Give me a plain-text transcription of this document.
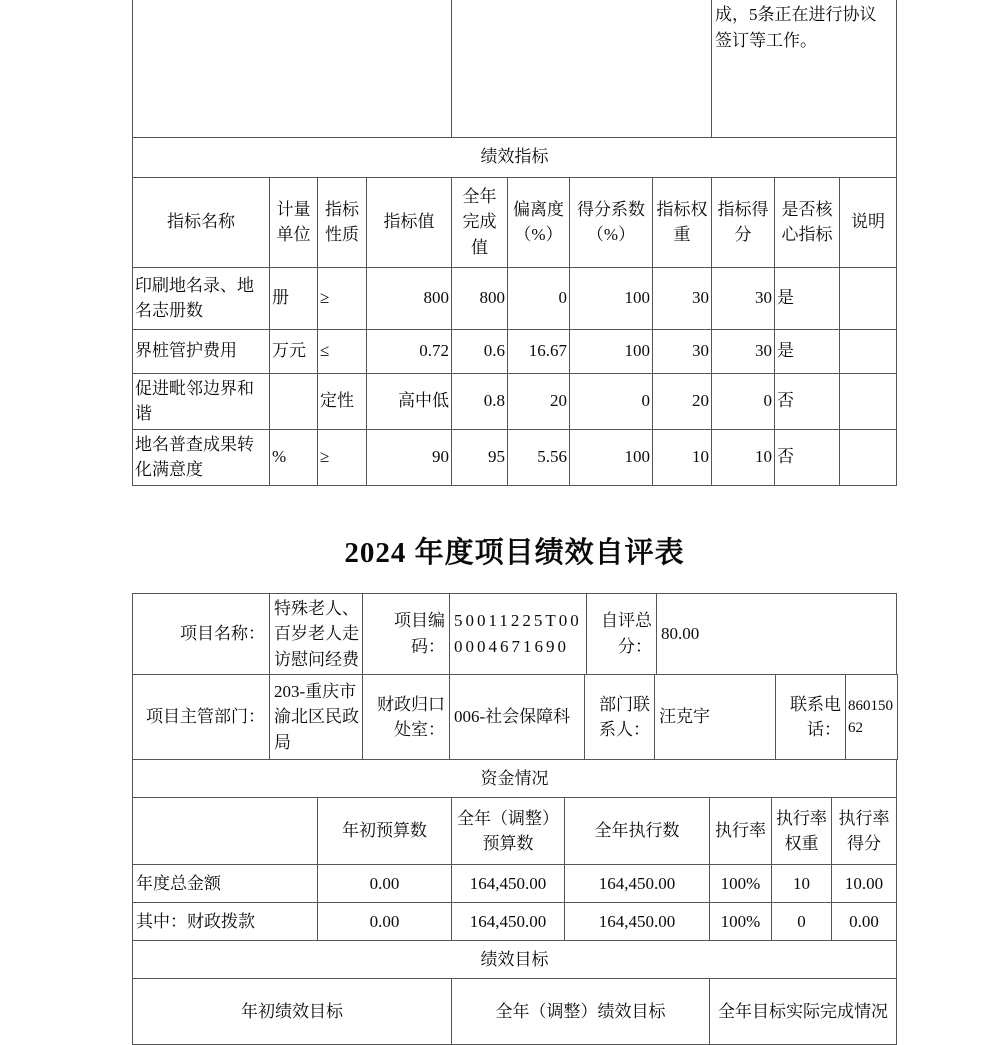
								成，5条正在进行协议签订等工作。		
绩效指标										
指标名称	计量单位	指标性质	指标值	全年完成值	偏离度（%）	得分系数（%）	指标权重	指标得分	是否核心指标	说明
印刷地名录、地名志册数	册	≥	800	800	0	100	30	30	是	
界桩管护费用	万元	≤	0.72	0.6	16.67	100	30	30	是	
促进毗邻边界和谐		定性	高中低	0.8	20	0	20	0	否	
地名普查成果转化满意度	%	≥	90	95	5.56	100	10	10	否	
2024 年度项目绩效自评表
项目名称：	特殊老人、百岁老人走访慰问经费	项目编码：	50011225T000004671690	自评总分：	80.00
项目主管部门：	203-重庆市渝北区民政局	财政归口处室：	006-社会保障科	部门联系人：	汪克宇	联系电话：	86015062
资金情况						
	年初预算数	全年（调整）预算数	全年执行数	执行率	执行率权重	执行率得分
年度总金额	0.00	164,450.00	164,450.00	100%	10	10.00
其中：财政拨款	0.00	164,450.00	164,450.00	100%	0	0.00
绩效目标						
年初绩效目标		全年（调整）绩效目标		全年目标实际完成情况		
